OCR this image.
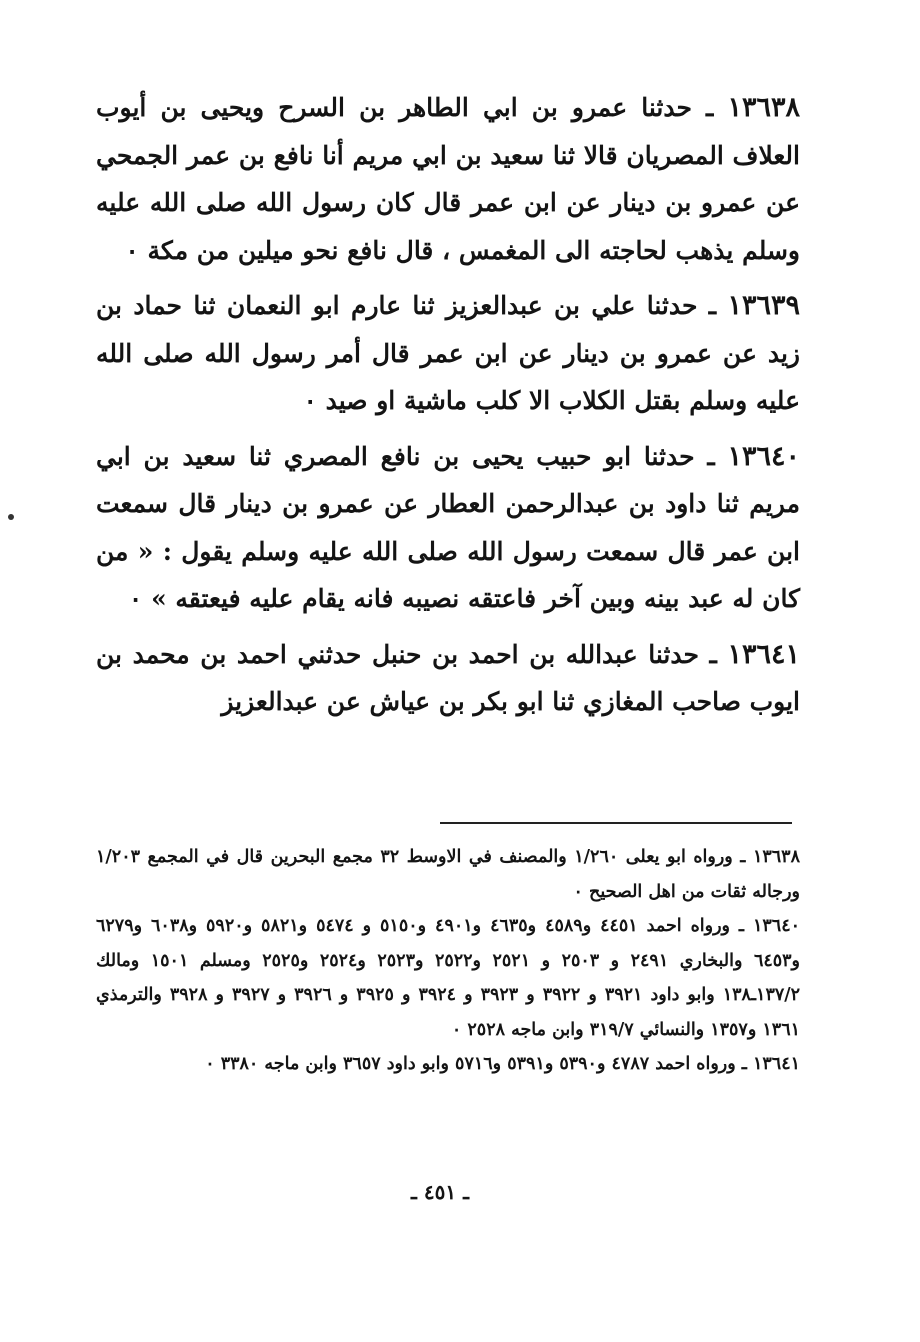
١٣٦٣٨ ـ حدثنا عمرو بن ابي الطاهر بن السرح ويحيى بن أيوب العلاف المصريان قالا ثنا سعيد بن ابي مريم أنا نافع بن عمر الجمحي عن عمرو بن دينار عن ابن عمر قال كان رسول الله صلى الله عليه وسلم يذهب لحاجته الى المغمس ، قال نافع نحو ميلين من مكة ٠

١٣٦٣٩ ـ حدثنا علي بن عبدالعزيز ثنا عارم ابو النعمان ثنا حماد بن زيد عن عمرو بن دينار عن ابن عمر قال أمر رسول الله صلى الله عليه وسلم بقتل الكلاب الا كلب ماشية او صيد ٠

١٣٦٤٠ ـ حدثنا ابو حبيب يحيى بن نافع المصري ثنا سعيد بن ابي مريم ثنا داود بن عبدالرحمن العطار عن عمرو بن دينار قال سمعت ابن عمر قال سمعت رسول الله صلى الله عليه وسلم يقول : « من كان له عبد بينه وبين آخر فاعتقه نصيبه فانه يقام عليه فيعتقه » ٠

١٣٦٤١ ـ حدثنا عبدالله بن احمد بن حنبل حدثني احمد بن محمد بن ايوب صاحب المغازي ثنا ابو بكر بن عياش عن عبدالعزيز

١٣٦٣٨ ـ ورواه ابو يعلى ١/٢٦٠ والمصنف في الاوسط ٣٢ مجمع البحرين قال في المجمع ١/٢٠٣ ورجاله ثقات من اهل الصحيح ٠

١٣٦٤٠ ـ ورواه احمد ٤٤٥١ و٤٥٨٩ و٤٦٣٥ و٤٩٠١ و٥١٥٠ و ٥٤٧٤ و٥٨٢١ و٥٩٢٠ و٦٠٣٨ و٦٢٧٩ و٦٤٥٣ والبخاري ٢٤٩١ و ٢٥٠٣ و ٢٥٢١ و٢٥٢٢ و٢٥٢٣ و٢٥٢٤ و٢٥٢٥ ومسلم ١٥٠١ ومالك ١٣٧/٢ـ١٣٨ وابو داود ٣٩٢١ و ٣٩٢٢ و ٣٩٢٣ و ٣٩٢٤ و ٣٩٢٥ و ٣٩٢٦ و ٣٩٢٧ و ٣٩٢٨ والترمذي ١٣٦١ و١٣٥٧ والنسائي ٣١٩/٧ وابن ماجه ٢٥٢٨ ٠

١٣٦٤١ ـ ورواه احمد ٤٧٨٧ و٥٣٩٠ و٥٣٩١ و٥٧١٦ وابو داود ٣٦٥٧ وابن ماجه ٣٣٨٠ ٠

ـ ٤٥١ ـ
